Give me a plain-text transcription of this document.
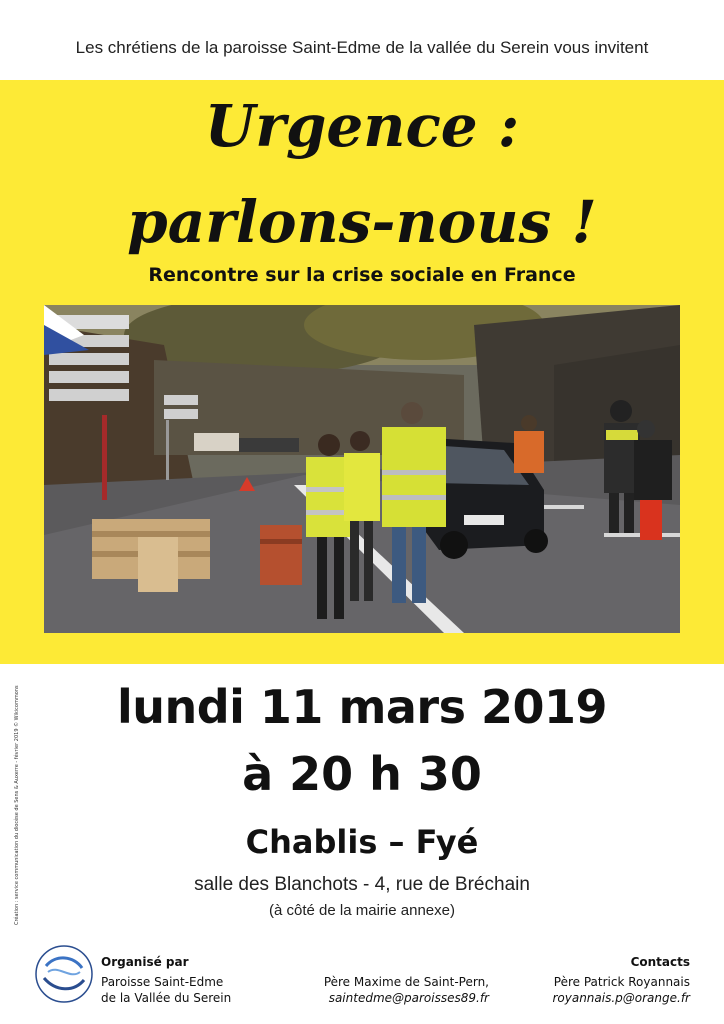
Les chrétiens de la paroisse Saint-Edme de la vallée du Serein vous invitent
Urgence :
parlons-nous !
Rencontre sur la crise sociale en France
Création : service communication du diocèse de Sens & Auxerre - février 2019 © Wikicommons	lundi 11 mars 2019
à 20 h 30
Chablis – Fyé
salle des Blanchots - 4, rue de Bréchain
(à côté de la mairie annexe)
Organisé par
Paroisse Saint-Edme
de la Vallée du Serein
Père Maxime de Saint-Pern,
saintedme@paroisses89.fr
Contacts
Père Patrick Royannais
royannais.p@orange.fr
